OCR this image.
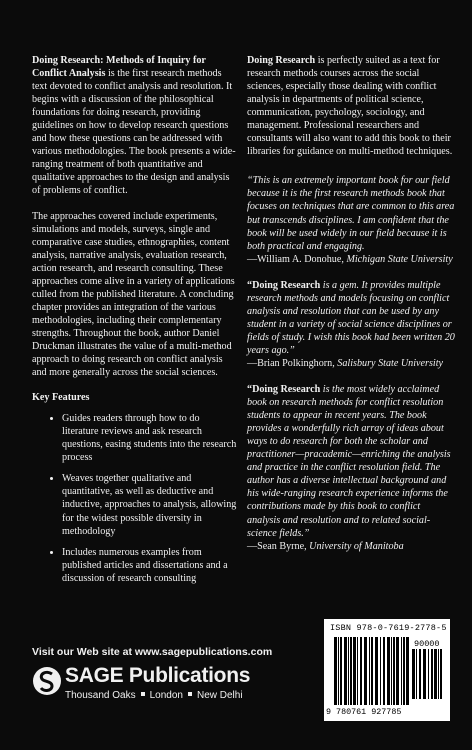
Doing Research: Methods of Inquiry for Conflict Analysis is the first research methods text devoted to conflict analysis and resolution. It begins with a discussion of the philosophical foundations for doing research, providing guidelines on how to develop research questions and how these questions can be addressed with various methodologies. The book presents a wide-ranging treatment of both quantitative and qualitative approaches to the design and analysis of problems of conflict.

The approaches covered include experiments, simulations and models, surveys, single and comparative case studies, ethnographies, content analysis, narrative analysis, evaluation research, action research, and research consulting. These approaches come alive in a variety of applications culled from the published literature. A concluding chapter provides an integration of the various methodologies, including their complementary strengths. Throughout the book, author Daniel Druckman illustrates the value of a multi-method approach to doing research on conflict analysis and more generally across the social sciences.

Key Features
• Guides readers through how to do literature reviews and ask research questions, easing students into the research process
• Weaves together qualitative and quantitative, as well as deductive and inductive, approaches to analysis, allowing for the widest possible diversity in methodology
• Includes numerous examples from published articles and dissertations and a discussion of research consulting

Doing Research is perfectly suited as a text for research methods courses across the social sciences, especially those dealing with conflict analysis in departments of political science, communication, psychology, sociology, and management. Professional researchers and consultants will also want to add this book to their libraries for guidance on multi-method techniques.

“This is an extremely important book for our field because it is the first research methods book that focuses on techniques that are common to this area but transcends disciplines. I am confident that the book will be used widely in our field because it is both practical and engaging.

—William A. Donohue, Michigan State University

“Doing Research is a gem. It provides multiple research methods and models focusing on conflict analysis and resolution that can be used by any student in a variety of social science disciplines or fields of study. I wish this book had been written 20 years ago.”

—Brian Polkinghorn, Salisbury State University

“Doing Research is the most widely acclaimed book on research methods for conflict resolution students to appear in recent years. The book provides a wonderfully rich array of ideas about ways to do research for both the scholar and practitioner—pracademic—enriching the analysis and practice in the conflict resolution field. The author has a diverse intellectual background and his wide-ranging research experience informs the contributions made by this book to conflict analysis and resolution and to related social-science fields.”

—Sean Byrne, University of Manitoba

Visit our Web site at www.sagepublications.com
SAGE Publications
Thousand Oaks London New Delhi
ISBN 978-0-7619-2778-5
90000
9 780761 927785
